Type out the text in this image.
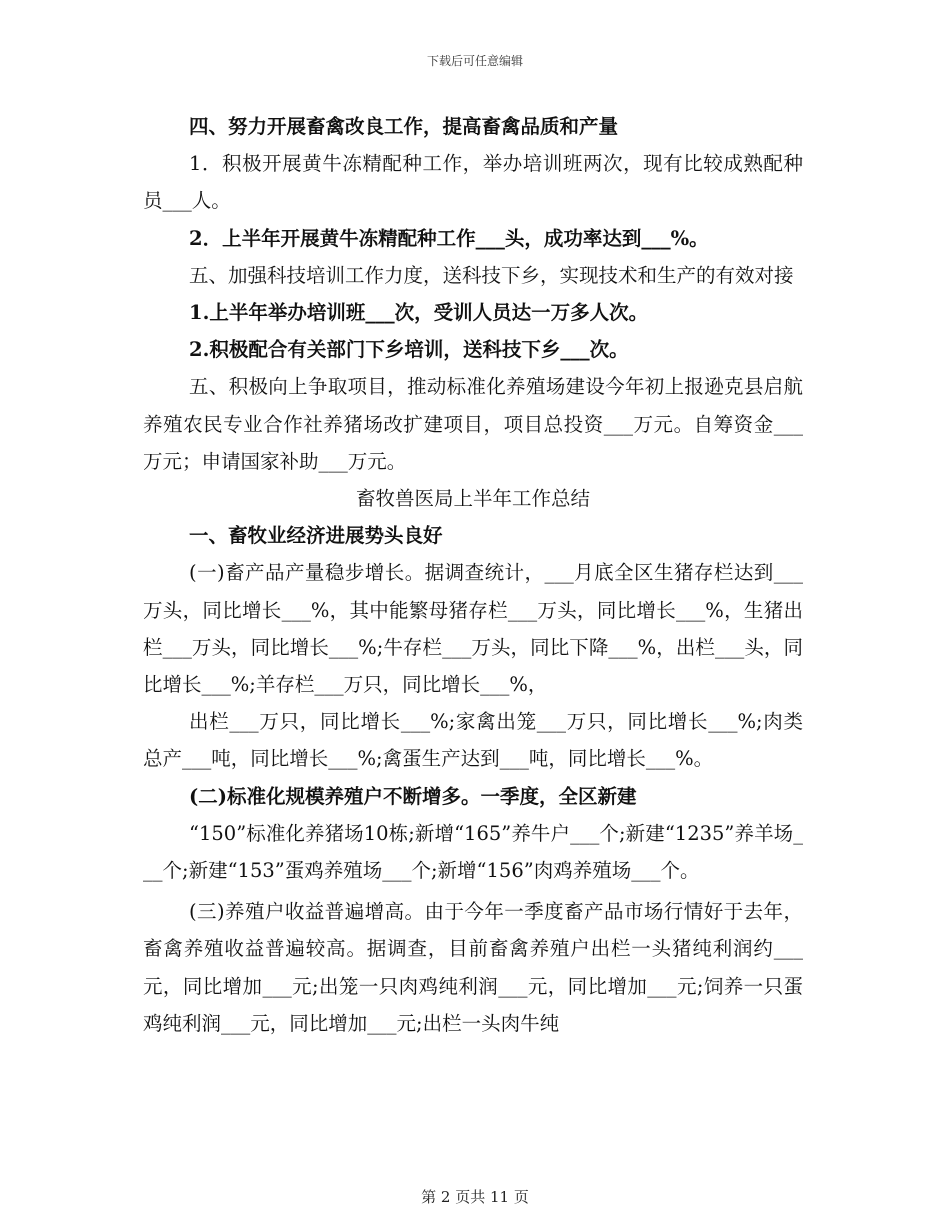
下载后可任意编辑

四、努力开展畜禽改良工作，提高畜禽品质和产量

1．积极开展黄牛冻精配种工作，举办培训班两次，现有比较成熟配种员___人。

2．上半年开展黄牛冻精配种工作___头，成功率达到___%。

五、加强科技培训工作力度，送科技下乡，实现技术和生产的有效对接

1.上半年举办培训班___次，受训人员达一万多人次。

2.积极配合有关部门下乡培训，送科技下乡___次。

五、积极向上争取项目，推动标准化养殖场建设今年初上报逊克县启航养殖农民专业合作社养猪场改扩建项目，项目总投资___万元。自筹资金___万元；申请国家补助___万元。

畜牧兽医局上半年工作总结

一、畜牧业经济进展势头良好

(一)畜产品产量稳步增长。据调查统计，___月底全区生猪存栏达到___万头，同比增长___%，其中能繁母猪存栏___万头，同比增长___%，生猪出栏___万头，同比增长___%;牛存栏___万头，同比下降___%，出栏___头，同比增长___%;羊存栏___万只，同比增长___%，

出栏___万只，同比增长___%;家禽出笼___万只，同比增长___%;肉类总产___吨，同比增长___%;禽蛋生产达到___吨，同比增长___%。

(二)标准化规模养殖户不断增多。一季度，全区新建

“150”标准化养猪场10栋;新增“165”养牛户___个;新建“1235”养羊场___个;新建“153”蛋鸡养殖场___个;新增“156”肉鸡养殖场___个。

(三)养殖户收益普遍增高。由于今年一季度畜产品市场行情好于去年，畜禽养殖收益普遍较高。据调查，目前畜禽养殖户出栏一头猪纯利润约___元，同比增加___元;出笼一只肉鸡纯利润___元，同比增加___元;饲养一只蛋鸡纯利润___元，同比增加___元;出栏一头肉牛纯

第 2 页共 11 页
